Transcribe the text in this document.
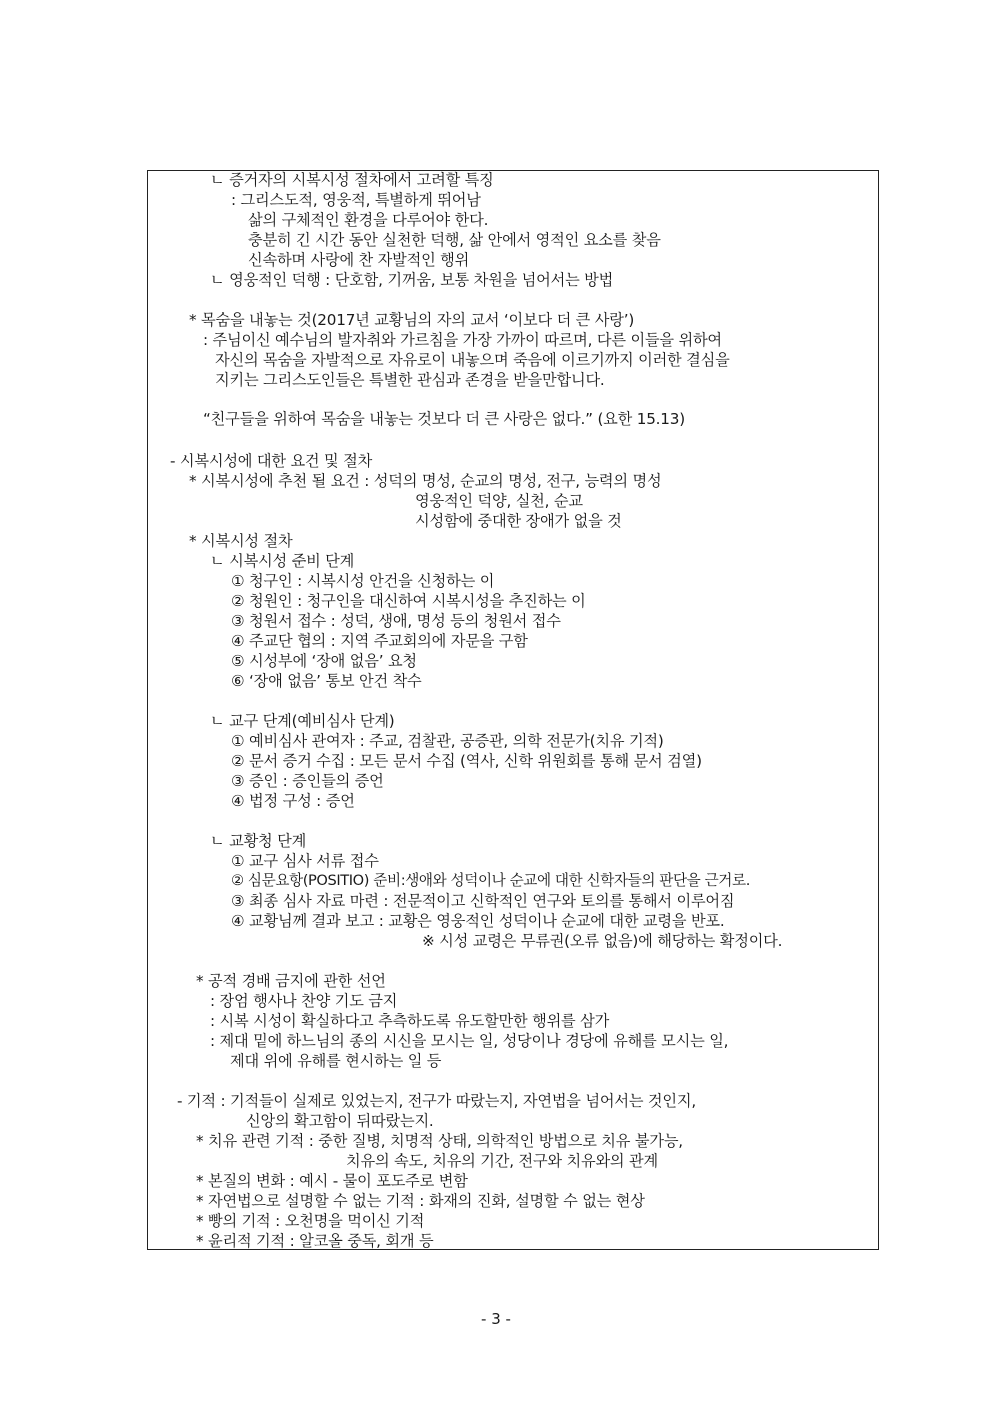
ㄴ 증거자의 시복시성 절차에서 고려할 특징
: 그리스도적, 영웅적, 특별하게 뛰어남
삶의 구체적인 환경을 다루어야 한다.
충분히 긴 시간 동안 실천한 덕행, 삶 안에서 영적인 요소를 찾음
신속하며 사랑에 찬 자발적인 행위
ㄴ 영웅적인 덕행 : 단호함, 기꺼움, 보통 차원을 넘어서는 방법
* 목숨을 내놓는 것(2017년 교황님의 자의 교서 ‘이보다 더 큰 사랑’)
: 주님이신 예수님의 발자취와 가르침을 가장 가까이 따르며, 다른 이들을 위하여
자신의 목숨을 자발적으로 자유로이 내놓으며 죽음에 이르기까지 이러한 결심을
지키는 그리스도인들은 특별한 관심과 존경을 받을만합니다.
“친구들을 위하여 목숨을 내놓는 것보다 더 큰 사랑은 없다.” (요한 15.13)
- 시복시성에 대한 요건 및 절차
* 시복시성에 추천 될 요건 : 성덕의 명성, 순교의 명성, 전구, 능력의 명성
영웅적인 덕양, 실천, 순교
시성함에 중대한 장애가 없을 것
* 시복시성 절차
ㄴ 시복시성 준비 단계
① 청구인 : 시복시성 안건을 신청하는 이
② 청원인 : 청구인을 대신하여 시복시성을 추진하는 이
③ 청원서 접수 : 성덕, 생애, 명성 등의 청원서 접수
④ 주교단 협의 : 지역 주교회의에 자문을 구함
⑤ 시성부에 ‘장애 없음’ 요청
⑥ ‘장애 없음’ 통보 안건 착수
ㄴ 교구 단계(예비심사 단계)
① 예비심사 관여자 : 주교, 검찰관, 공증관, 의학 전문가(치유 기적)
② 문서 증거 수집 : 모든 문서 수집 (역사, 신학 위원회를 통해 문서 검열)
③ 증인 : 증인들의 증언
④ 법정 구성 : 증언
ㄴ 교황청 단계
① 교구 심사 서류 접수
② 심문요항(POSITIO) 준비:생애와 성덕이나 순교에 대한 신학자들의 판단을 근거로.
③ 최종 심사 자료 마련 : 전문적이고 신학적인 연구와 토의를 통해서 이루어짐
④ 교황님께 결과 보고 : 교황은 영웅적인 성덕이나 순교에 대한 교령을 반포.
※ 시성 교령은 무류권(오류 없음)에 해당하는 확정이다.
* 공적 경배 금지에 관한 선언
: 장엄 행사나 찬양 기도 금지
: 시복 시성이 확실하다고 추측하도록 유도할만한 행위를 삼가
: 제대 밑에 하느님의 종의 시신을 모시는 일, 성당이나 경당에 유해를 모시는 일,
제대 위에 유해를 현시하는 일 등
- 기적 : 기적들이 실제로 있었는지, 전구가 따랐는지, 자연법을 넘어서는 것인지,
신앙의 확고함이 뒤따랐는지.
* 치유 관련 기적 : 중한 질병, 치명적 상태, 의학적인 방법으로 치유 불가능,
치유의 속도, 치유의 기간, 전구와 치유와의 관계
* 본질의 변화 : 예시 - 물이 포도주로 변함
* 자연법으로 설명할 수 없는 기적 : 화재의 진화, 설명할 수 없는 현상
* 빵의 기적 : 오천명을 먹이신 기적
* 윤리적 기적 : 알코올 중독, 회개 등
- 3 -
